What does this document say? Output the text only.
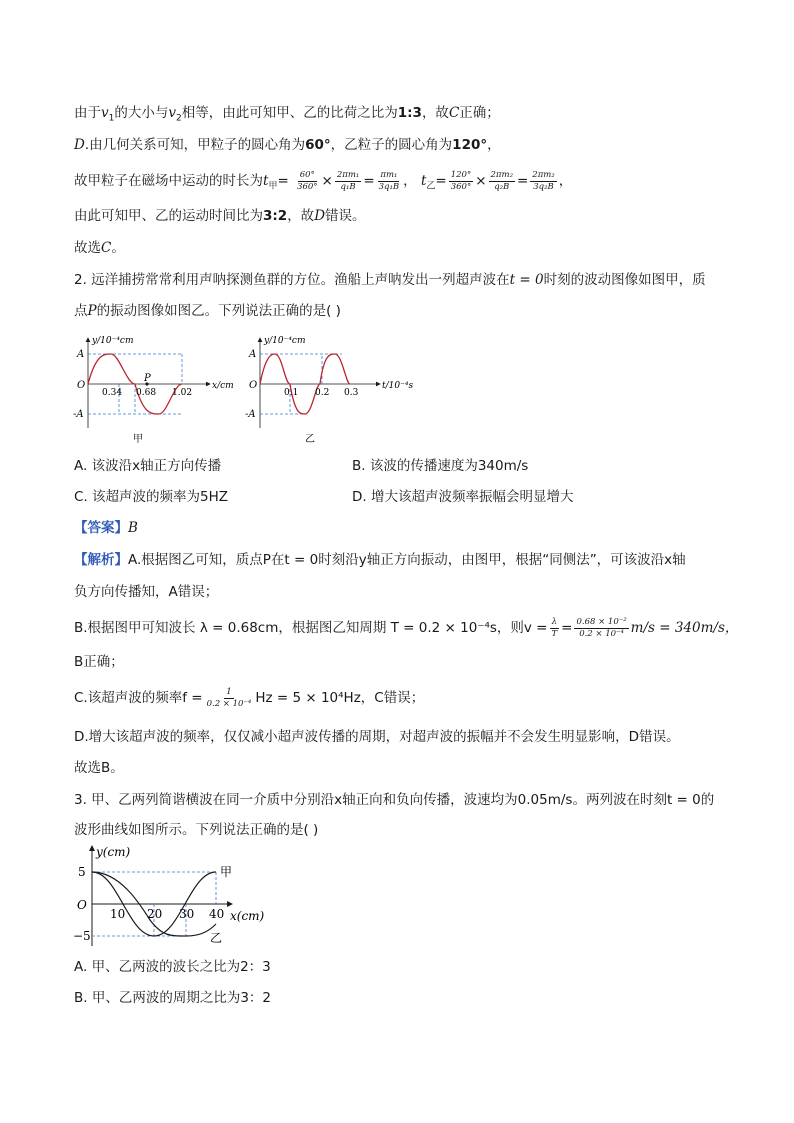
由于$v_1$的大小与$v_2$相等，由此可知甲、乙的比荷之比为1:3，故C正确；
D.由几何关系可知，甲粒子的圆心角为60°，乙粒子的圆心角为120°，
故甲粒子在磁场中运动的时长为$t_甲= \frac{60^\circ}{360^\circ} \times \frac{\text{2πm₁}}{\text{q₁B}} = \frac{\text{πm₁}}{\text{3q₁B}}$ ， $t_乙= \frac{120^\circ}{360^\circ} \times \frac{\text{2πm₂}}{\text{q₂B}} = \frac{\text{2πm₂}}{\text{3q₂B}}$ ，
由此可知甲、乙的运动时间比为3:2，故D错误。
故选C。
2. 远洋捕捞常常利用声呐探测鱼群的方位。渔船上声呐发出一列超声波在t = 0时刻的波动图像如图甲，质
点P的振动图像如图乙。下列说法正确的是( )
y/10⁻⁴cm
x/cm
A
-A
O
P
0.34 0.68 1.02
甲
y/10⁻⁴cm
t/10⁻⁴s
A
-A
O
0.1 0.2 0.3
乙
A. 该波沿x轴正方向传播	B. 该波的传播速度为340m/s
C. 该超声波的频率为5HZ	D. 增大该超声波频率振幅会明显增大
【答案】B
【解析】A.根据图乙可知，质点P在t = 0时刻沿y轴正方向振动，由图甲，根据“同侧法”，可该波沿x轴
负方向传播知，A错误；
B.根据图甲可知波长 λ = 0.68cm，根据图乙知周期 T = 0.2 × 10⁻⁴s，则$v = \frac{\lambda}{T} = \frac{\text{0.68 × 10⁻²}}{\text{0.2 × 10⁻⁴}} m/s = 340m/s$，
B正确；
C.该超声波的频率$f = \frac{1}{\text{0.2 × 10⁻⁴}}$ Hz = 5 × 10⁴Hz，C错误；
D.增大该超声波的频率，仅仅减小超声波传播的周期，对超声波的振幅并不会发生明显影响，D错误。
故选B。
3. 甲、乙两列简谐横波在同一介质中分别沿x轴正向和负向传播，波速均为0.05m/s。两列波在时刻t = 0的
波形曲线如图所示。下列说法正确的是( )
y(cm)
x(cm)
5
−5
O
10 20 30 40
甲
乙
A. 甲、乙两波的波长之比为2：3
B. 甲、乙两波的周期之比为3：2
